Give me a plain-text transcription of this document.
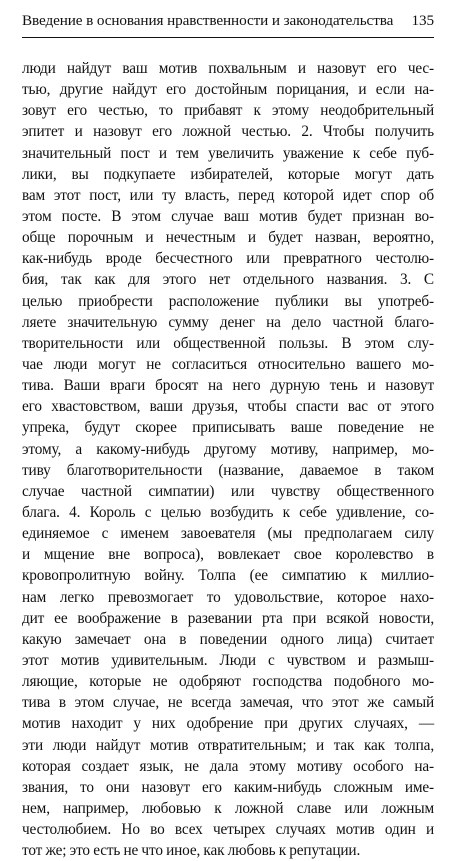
Введение в основания нравственности и законодательства 135
люди найдут ваш мотив похвальным и назовут его чес-
тью, другие найдут его достойным порицания, и если на-
зовут его честью, то прибавят к этому неодобрительный
эпитет и назовут его ложной честью. 2. Чтобы получить
значительный пост и тем увеличить уважение к себе пуб-
лики, вы подкупаете избирателей, которые могут дать
вам этот пост, или ту власть, перед которой идет спор об
этом посте. В этом случае ваш мотив будет признан во-
обще порочным и нечестным и будет назван, вероятно,
как-нибудь вроде бесчестного или превратного честолю-
бия, так как для этого нет отдельного названия. 3. С
целью приобрести расположение публики вы употреб-
ляете значительную сумму денег на дело частной благо-
творительности или общественной пользы. В этом слу-
чае люди могут не согласиться относительно вашего мо-
тива. Ваши враги бросят на него дурную тень и назовут
его хвастовством, ваши друзья, чтобы спасти вас от этого
упрека, будут скорее приписывать ваше поведение не
этому, а какому-нибудь другому мотиву, например, мо-
тиву благотворительности (название, даваемое в таком
случае частной симпатии) или чувству общественного
блага. 4. Король с целью возбудить к себе удивление, со-
единяемое с именем завоевателя (мы предполагаем силу
и мщение вне вопроса), вовлекает свое королевство в
кровопролитную войну. Толпа (ее симпатию к миллио-
нам легко превозмогает то удовольствие, которое нахо-
дит ее воображение в разевании рта при всякой новости,
какую замечает она в поведении одного лица) считает
этот мотив удивительным. Люди с чувством и размыш-
ляющие, которые не одобряют господства подобного мо-
тива в этом случае, не всегда замечая, что этот же самый
мотив находит у них одобрение при других случаях, —
эти люди найдут мотив отвратительным; и так как толпа,
которая создает язык, не дала этому мотиву особого на-
звания, то они назовут его каким-нибудь сложным име-
нем, например, любовью к ложной славе или ложным
честолюбием. Но во всех четырех случаях мотив один и
тот же; это есть не что иное, как любовь к репутации.
